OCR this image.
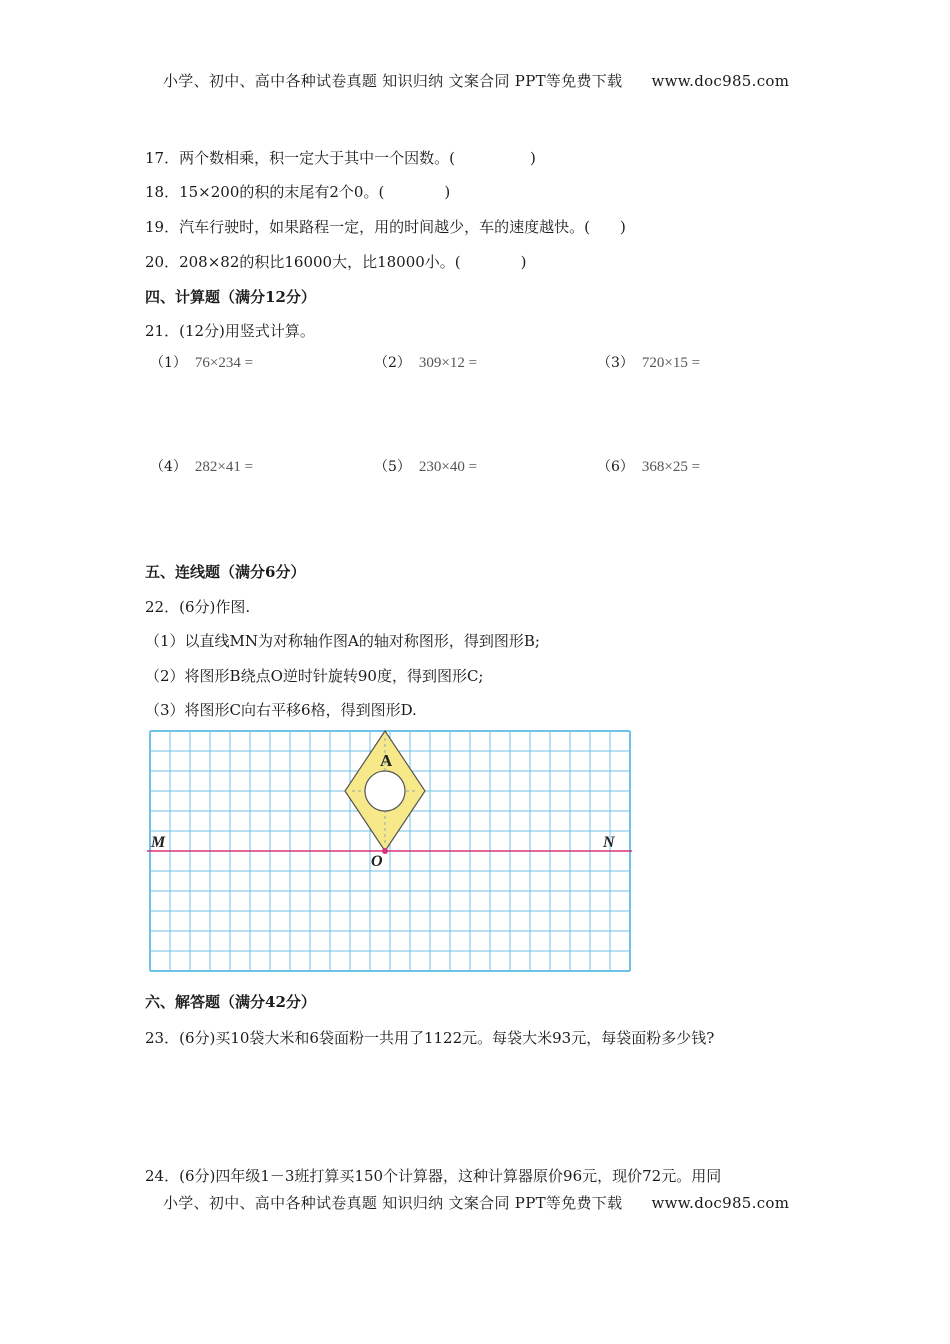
小学、初中、高中各种试卷真题 知识归纳 文案合同 PPT等免费下载 www.doc985.com
17．两个数相乘，积一定大于其中一个因数。(　　　　　)
18．15×200的积的末尾有2个0。(　　　　)
19．汽车行驶时，如果路程一定，用的时间越少，车的速度越快。(　　)
20．208×82的积比16000大，比18000小。(　　　　)
四、计算题（满分12分）
21．(12分)用竖式计算。
（1） 76×234 =	（2） 309×12 =	（3） 720×15 =
（4） 282×41 =	（5） 230×40 =	（6） 368×25 =
五、连线题（满分6分）
22．(6分)作图.
（1）以直线MN为对称轴作图A的轴对称图形，得到图形B;
（2）将图形B绕点O逆时针旋转90度，得到图形C;
（3）将图形C向右平移6格，得到图形D.
A
M	N
O
六、解答题（满分42分）
23．(6分)买10袋大米和6袋面粉一共用了1122元。每袋大米93元，每袋面粉多少钱?
24．(6分)四年级1－3班打算买150个计算器，这种计算器原价96元，现价72元。用同
小学、初中、高中各种试卷真题 知识归纳 文案合同 PPT等免费下载 www.doc985.com
